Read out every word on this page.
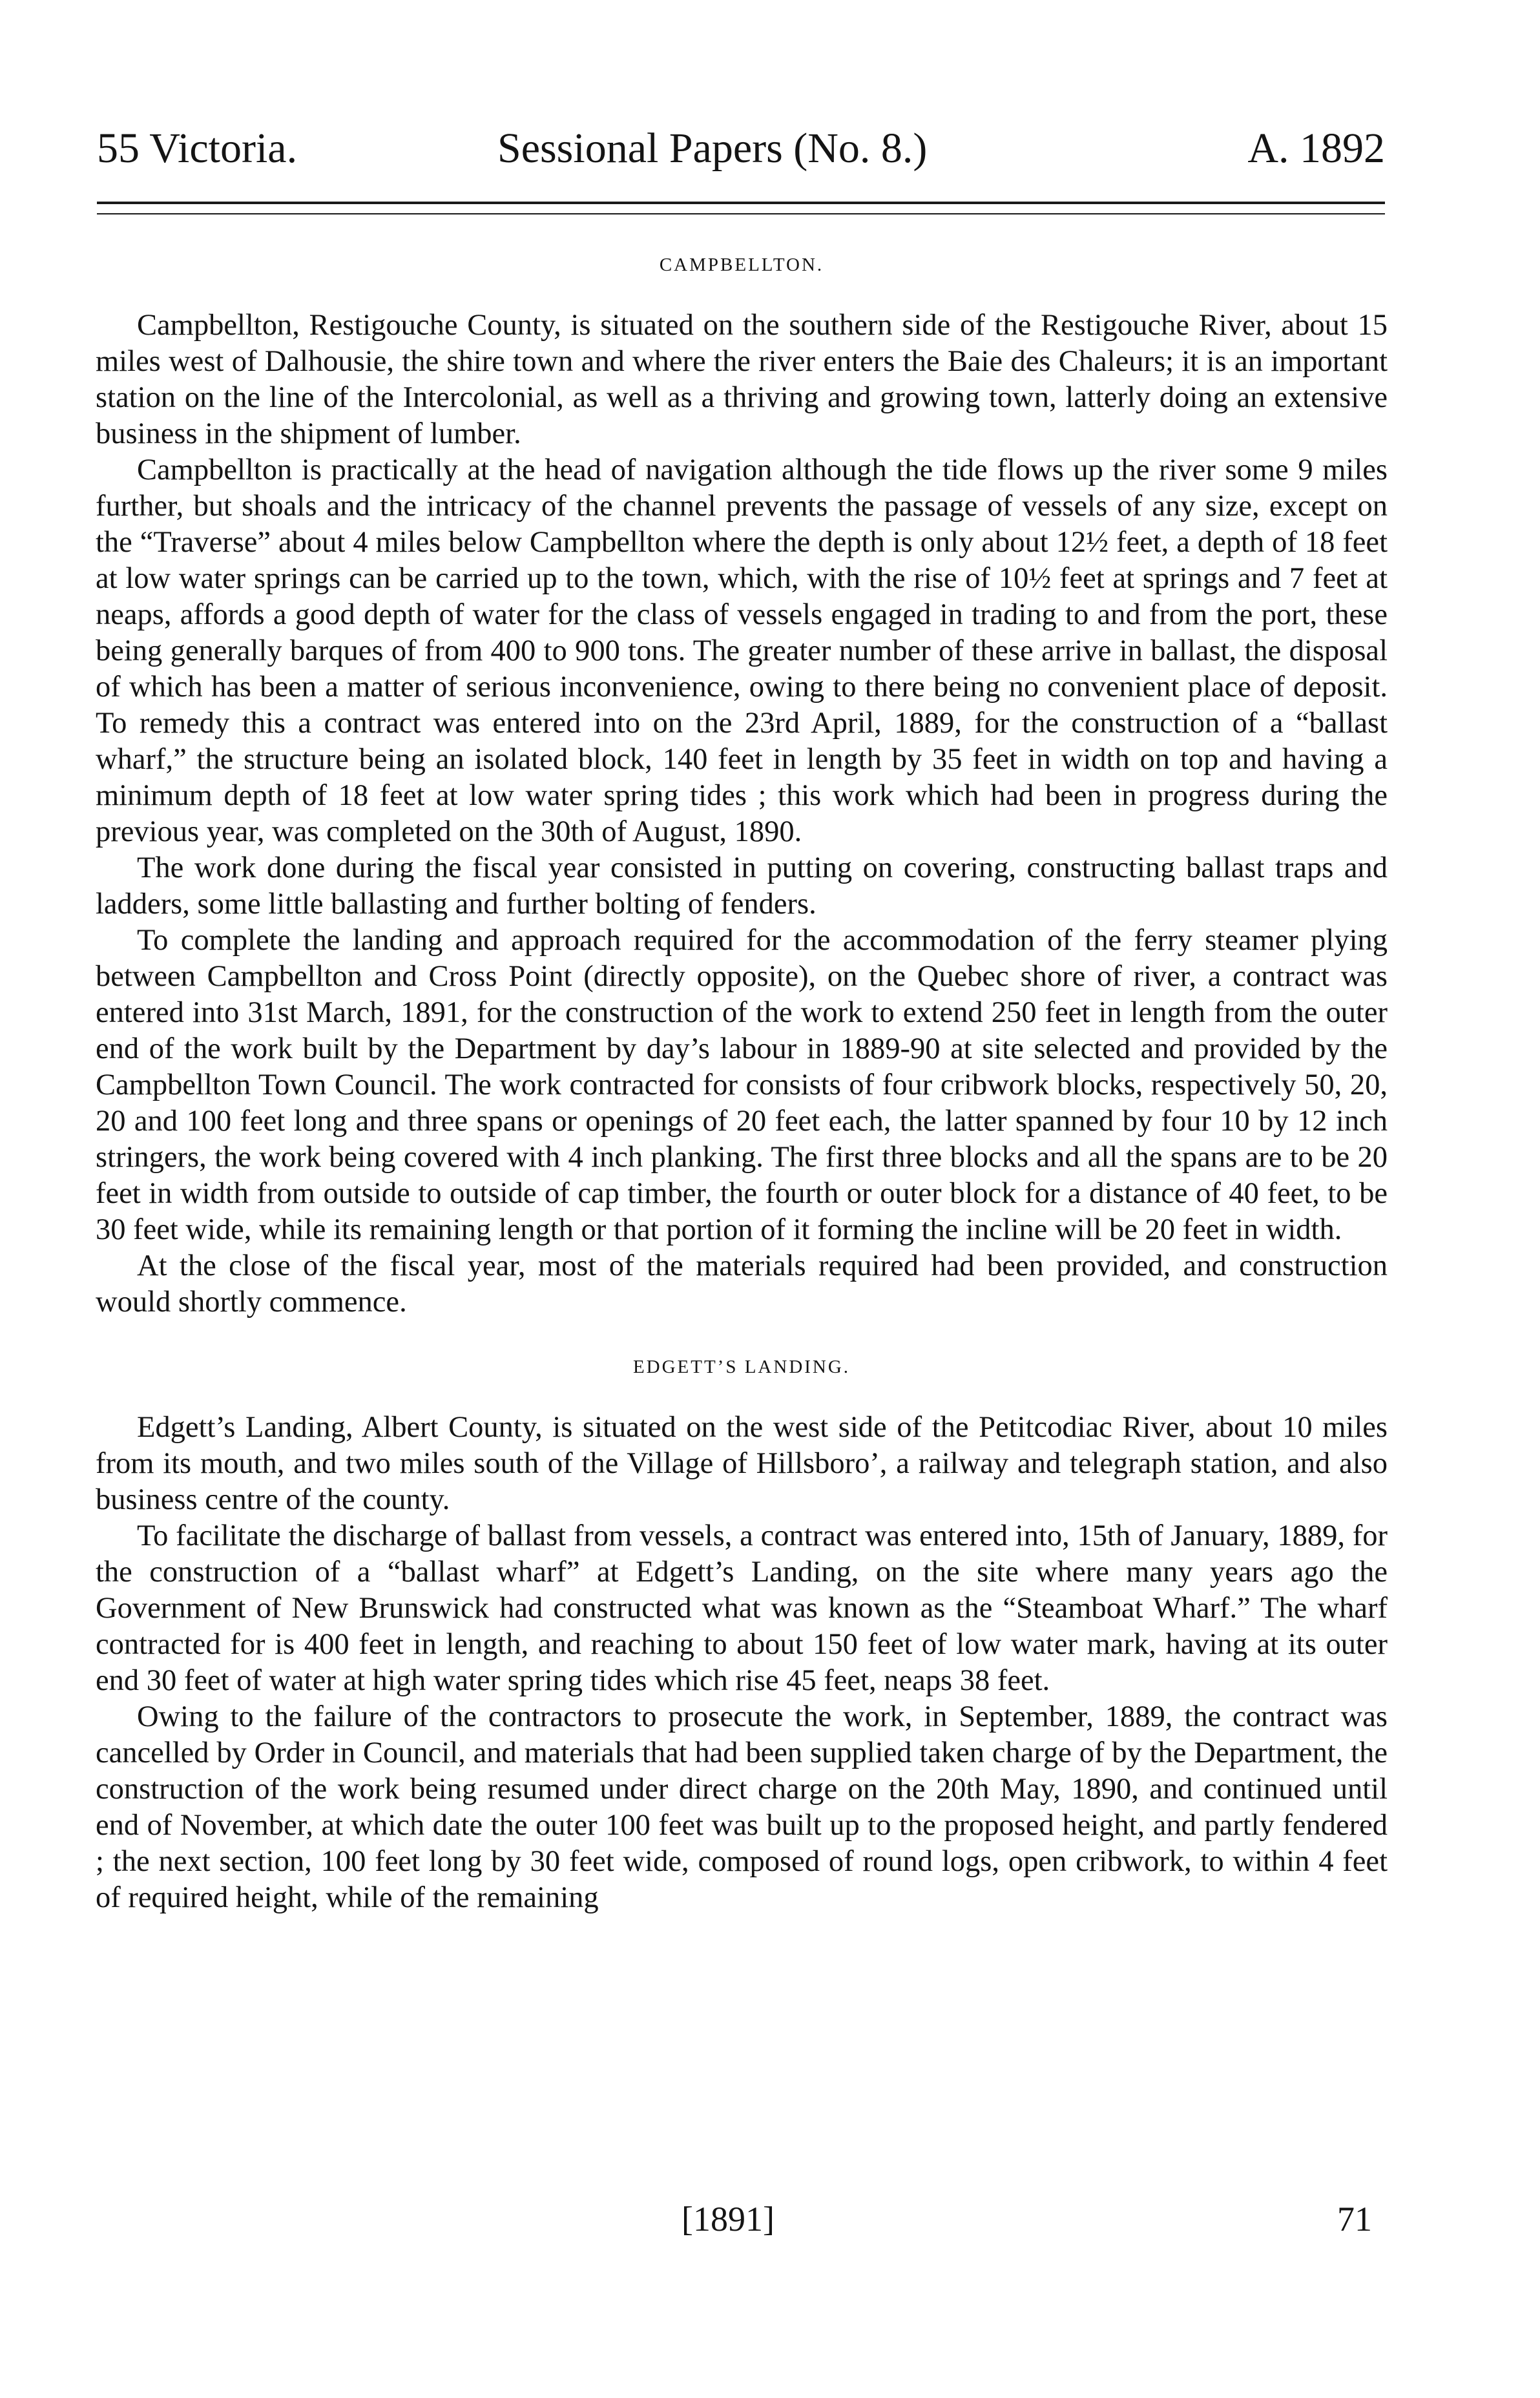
55 Victoria.	Sessional Papers (No. 8.)	A. 1892
CAMPBELLTON.

Campbellton, Restigouche County, is situated on the southern side of the Restigouche River, about 15 miles west of Dalhousie, the shire town and where the river enters the Baie des Chaleurs; it is an important station on the line of the Intercolonial, as well as a thriving and growing town, latterly doing an extensive business in the shipment of lumber.

Campbellton is practically at the head of navigation although the tide flows up the river some 9 miles further, but shoals and the intricacy of the channel prevents the passage of vessels of any size, except on the “Traverse” about 4 miles below Campbellton where the depth is only about 12½ feet, a depth of 18 feet at low water springs can be carried up to the town, which, with the rise of 10½ feet at springs and 7 feet at neaps, affords a good depth of water for the class of vessels engaged in trading to and from the port, these being generally barques of from 400 to 900 tons. The greater number of these arrive in ballast, the disposal of which has been a matter of serious inconvenience, owing to there being no convenient place of deposit. To remedy this a contract was entered into on the 23rd April, 1889, for the construction of a “ballast wharf,” the structure being an isolated block, 140 feet in length by 35 feet in width on top and having a minimum depth of 18 feet at low water spring tides ; this work which had been in progress during the previous year, was completed on the 30th of August, 1890.

The work done during the fiscal year consisted in putting on covering, constructing ballast traps and ladders, some little ballasting and further bolting of fenders.

To complete the landing and approach required for the accommodation of the ferry steamer plying between Campbellton and Cross Point (directly opposite), on the Quebec shore of river, a contract was entered into 31st March, 1891, for the construction of the work to extend 250 feet in length from the outer end of the work built by the Department by day’s labour in 1889-90 at site selected and provided by the Campbellton Town Council. The work contracted for consists of four cribwork blocks, respectively 50, 20, 20 and 100 feet long and three spans or openings of 20 feet each, the latter spanned by four 10 by 12 inch stringers, the work being covered with 4 inch planking. The first three blocks and all the spans are to be 20 feet in width from outside to outside of cap timber, the fourth or outer block for a distance of 40 feet, to be 30 feet wide, while its remaining length or that portion of it forming the incline will be 20 feet in width.

At the close of the fiscal year, most of the materials required had been provided, and construction would shortly commence.

EDGETT’S LANDING.

Edgett’s Landing, Albert County, is situated on the west side of the Petitcodiac River, about 10 miles from its mouth, and two miles south of the Village of Hillsboro’, a railway and telegraph station, and also business centre of the county.

To facilitate the discharge of ballast from vessels, a contract was entered into, 15th of January, 1889, for the construction of a “ballast wharf” at Edgett’s Landing, on the site where many years ago the Government of New Brunswick had constructed what was known as the “Steamboat Wharf.” The wharf contracted for is 400 feet in length, and reaching to about 150 feet of low water mark, having at its outer end 30 feet of water at high water spring tides which rise 45 feet, neaps 38 feet.

Owing to the failure of the contractors to prosecute the work, in September, 1889, the contract was cancelled by Order in Council, and materials that had been supplied taken charge of by the Department, the construction of the work being resumed under direct charge on the 20th May, 1890, and continued until end of November, at which date the outer 100 feet was built up to the proposed height, and partly fendered ; the next section, 100 feet long by 30 feet wide, composed of round logs, open cribwork, to within 4 feet of required height, while of the remaining

[1891]	71
